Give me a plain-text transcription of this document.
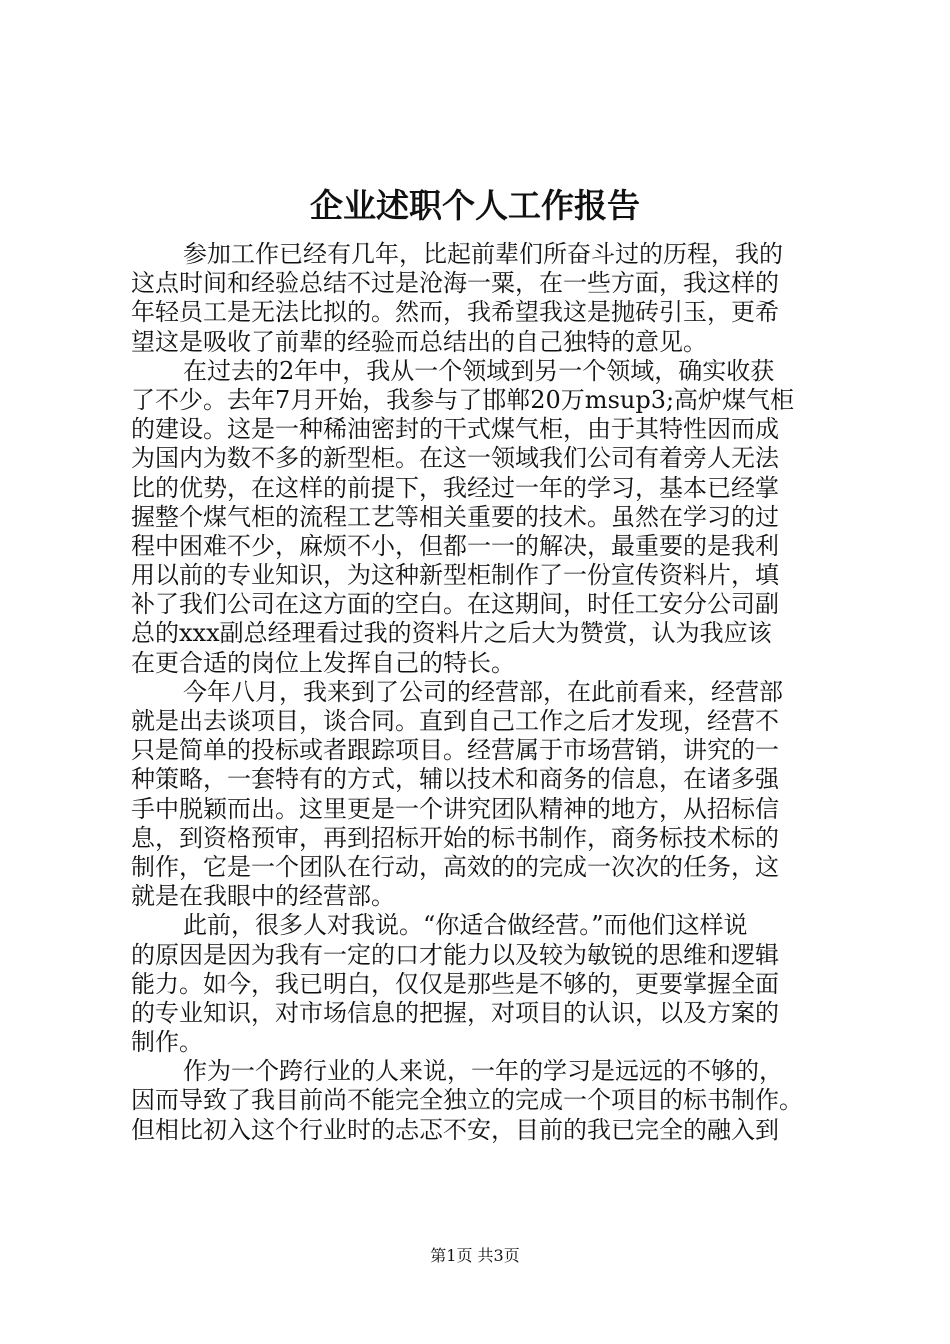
企业述职个人工作报告
参加工作已经有几年，比起前辈们所奋斗过的历程，我的
这点时间和经验总结不过是沧海一粟，在一些方面，我这样的
年轻员工是无法比拟的。然而，我希望我这是抛砖引玉，更希
望这是吸收了前辈的经验而总结出的自己独特的意见。
在过去的2年中，我从一个领域到另一个领域，确实收获
了不少。去年7月开始，我参与了邯郸20万msup3;高炉煤气柜
的建设。这是一种稀油密封的干式煤气柜，由于其特性因而成
为国内为数不多的新型柜。在这一领域我们公司有着旁人无法
比的优势，在这样的前提下，我经过一年的学习，基本已经掌
握整个煤气柜的流程工艺等相关重要的技术。虽然在学习的过
程中困难不少，麻烦不小，但都一一的解决，最重要的是我利
用以前的专业知识，为这种新型柜制作了一份宣传资料片，填
补了我们公司在这方面的空白。在这期间，时任工安分公司副
总的xxx副总经理看过我的资料片之后大为赞赏，认为我应该
在更合适的岗位上发挥自己的特长。
今年八月，我来到了公司的经营部，在此前看来，经营部
就是出去谈项目，谈合同。直到自己工作之后才发现，经营不
只是简单的投标或者跟踪项目。经营属于市场营销，讲究的一
种策略，一套特有的方式，辅以技术和商务的信息，在诸多强
手中脱颖而出。这里更是一个讲究团队精神的地方，从招标信
息，到资格预审，再到招标开始的标书制作，商务标技术标的
制作，它是一个团队在行动，高效的的完成一次次的任务，这
就是在我眼中的经营部。
此前，很多人对我说。“你适合做经营。”而他们这样说
的原因是因为我有一定的口才能力以及较为敏锐的思维和逻辑
能力。如今，我已明白，仅仅是那些是不够的，更要掌握全面
的专业知识，对市场信息的把握，对项目的认识，以及方案的
制作。
作为一个跨行业的人来说，一年的学习是远远的不够的，
因而导致了我目前尚不能完全独立的完成一个项目的标书制作。
但相比初入这个行业时的忐忑不安，目前的我已完全的融入到
第1页 共3页
